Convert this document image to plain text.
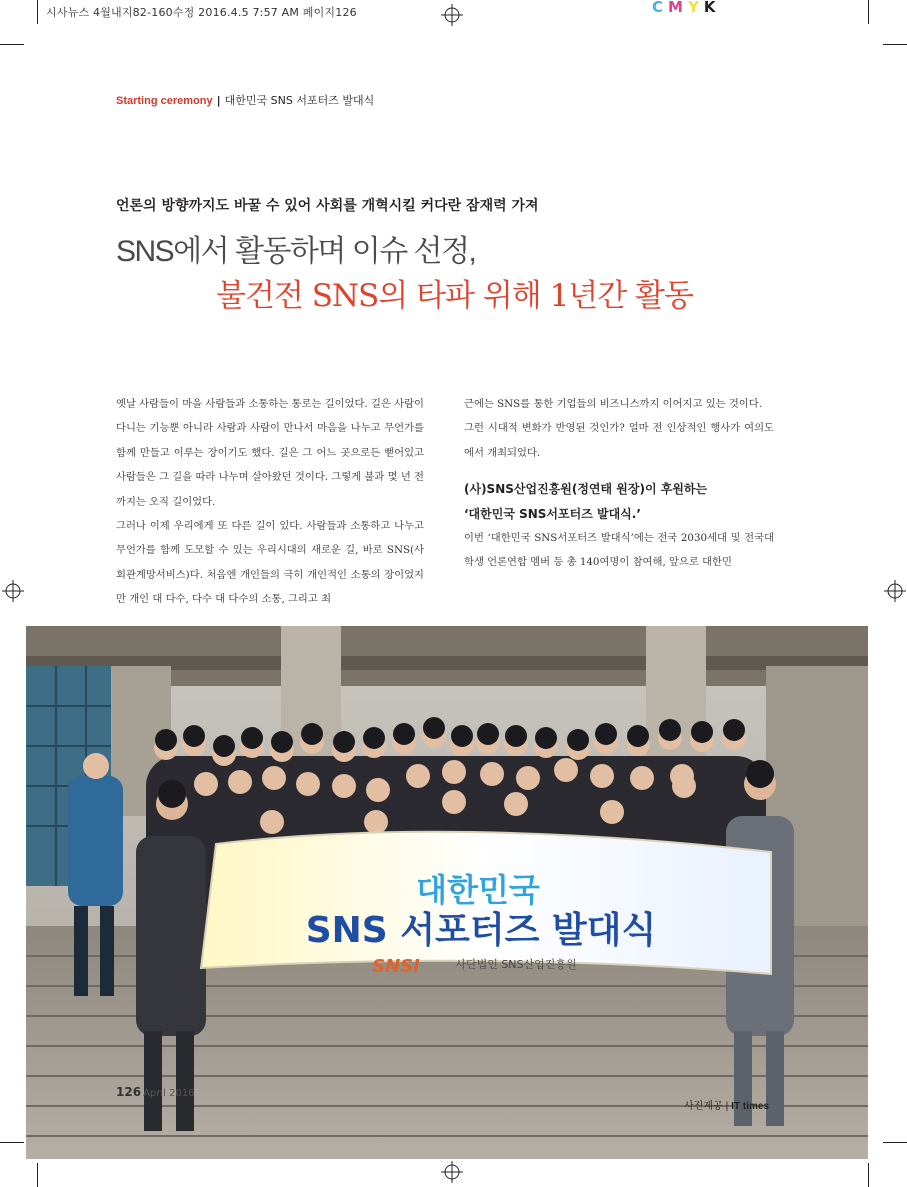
시사뉴스 4월내지82-160수정 2016.4.5 7:57 AM 페이지126	CMYK
Starting ceremony | 대한민국 SNS 서포터즈 발대식
언론의 방향까지도 바꿀 수 있어 사회를 개혁시킬 커다란 잠재력 가져
SNS에서 활동하며 이슈 선정,
불건전 SNS의 타파 위해 1년간 활동

옛날 사람들이 마을 사람들과 소통하는 통로는 길이었다. 길은 사람이 다니는 기능뿐 아니라 사람과 사람이 만나서 마음을 나누고 무언가를 함께 만들고 이루는 장이기도 했다. 길은 그 어느 곳으로든 뻗어있고 사람들은 그 길을 따라 나누며 살아왔던 것이다. 그렇게 불과 몇 년 전까지는 오직 길이었다.

그러나 이제 우리에게 또 다른 길이 있다. 사람들과 소통하고 나누고 무언가를 함께 도모할 수 있는 우리시대의 새로운 길, 바로 SNS(사회관계망서비스)다. 처음엔 개인들의 극히 개인적인 소통의 장이었지만 개인 대 다수, 다수 대 다수의 소통, 그리고 최

근에는 SNS를 통한 기업들의 비즈니스까지 이어지고 있는 것이다.

그런 시대적 변화가 반영된 것인가? 얼마 전 인상적인 행사가 여의도에서 개최되었다.

(사)SNS산업진흥원(정연태 원장)이 후원하는

‘대한민국 SNS서포터즈 발대식.’

이번 ‘대한민국 SNS서포터즈 발대식’에는 전국 2030세대 및 전국대학생 언론연합 멤버 등 총 140여명이 참여해, 앞으로 대한민

대한민국
SNS 서포터즈 발대식
SNSI	사단법인 SNS산업진흥원
126 April 2016
사진제공 | IT times
